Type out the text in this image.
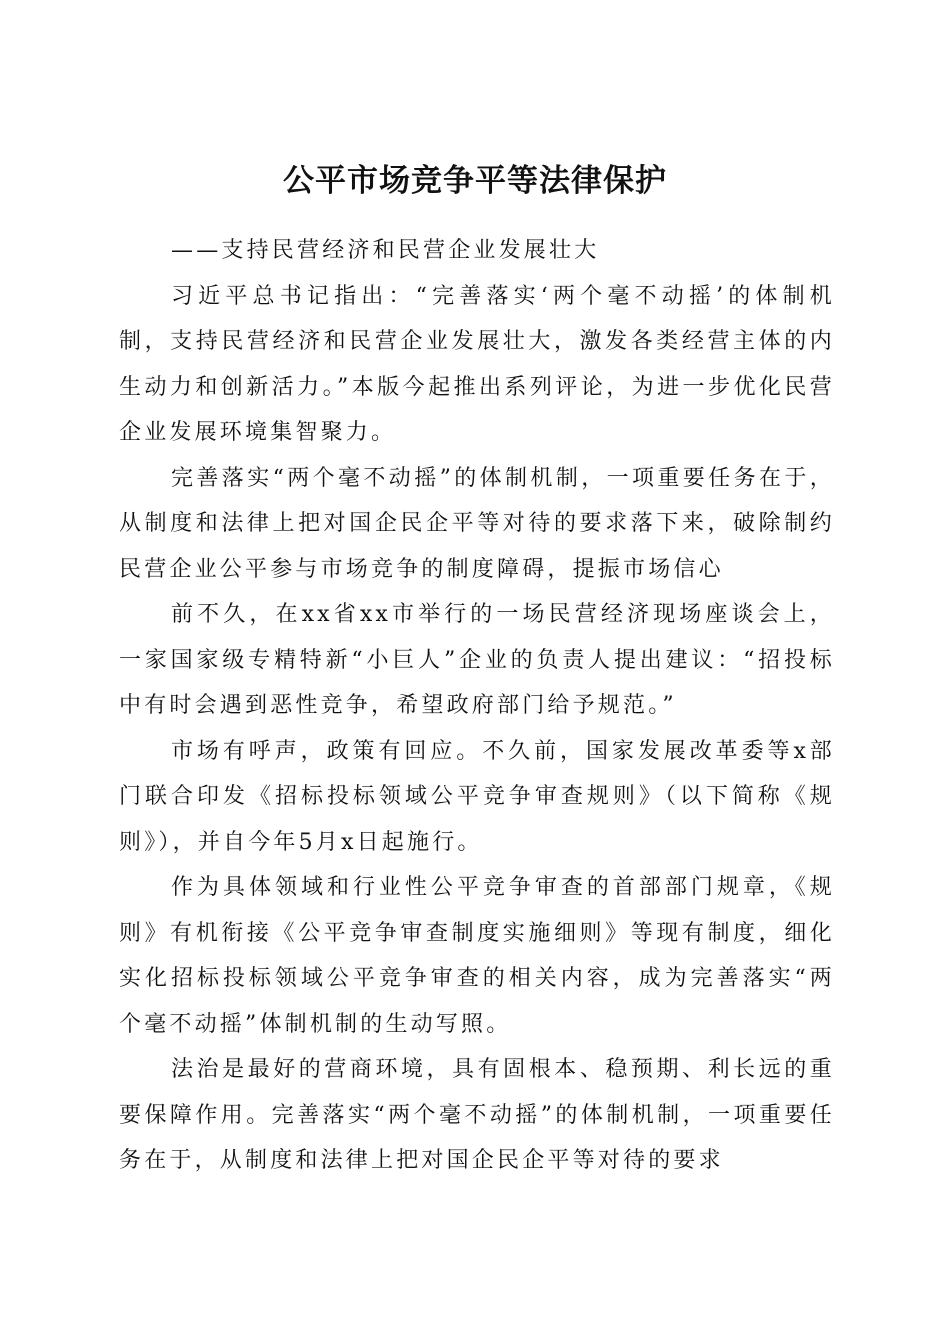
公平市场竞争平等法律保护

——支持民营经济和民营企业发展壮大

习近平总书记指出：“完善落实‘两个毫不动摇’的体制机制，支持民营经济和民营企业发展壮大，激发各类经营主体的内生动力和创新活力。”本版今起推出系列评论，为进一步优化民营企业发展环境集智聚力。

完善落实“两个毫不动摇”的体制机制，一项重要任务在于，从制度和法律上把对国企民企平等对待的要求落下来，破除制约民营企业公平参与市场竞争的制度障碍，提振市场信心

前不久，在xx省xx市举行的一场民营经济现场座谈会上，一家国家级专精特新“小巨人”企业的负责人提出建议：“招投标中有时会遇到恶性竞争，希望政府部门给予规范。”

市场有呼声，政策有回应。不久前，国家发展改革委等x部门联合印发《招标投标领域公平竞争审查规则》（以下简称《规则》），并自今年5月x日起施行。

作为具体领域和行业性公平竞争审查的首部部门规章，《规则》有机衔接《公平竞争审查制度实施细则》等现有制度，细化实化招标投标领域公平竞争审查的相关内容，成为完善落实“两个毫不动摇”体制机制的生动写照。

法治是最好的营商环境，具有固根本、稳预期、利长远的重要保障作用。完善落实“两个毫不动摇”的体制机制，一项重要任务在于，从制度和法律上把对国企民企平等对待的要求
